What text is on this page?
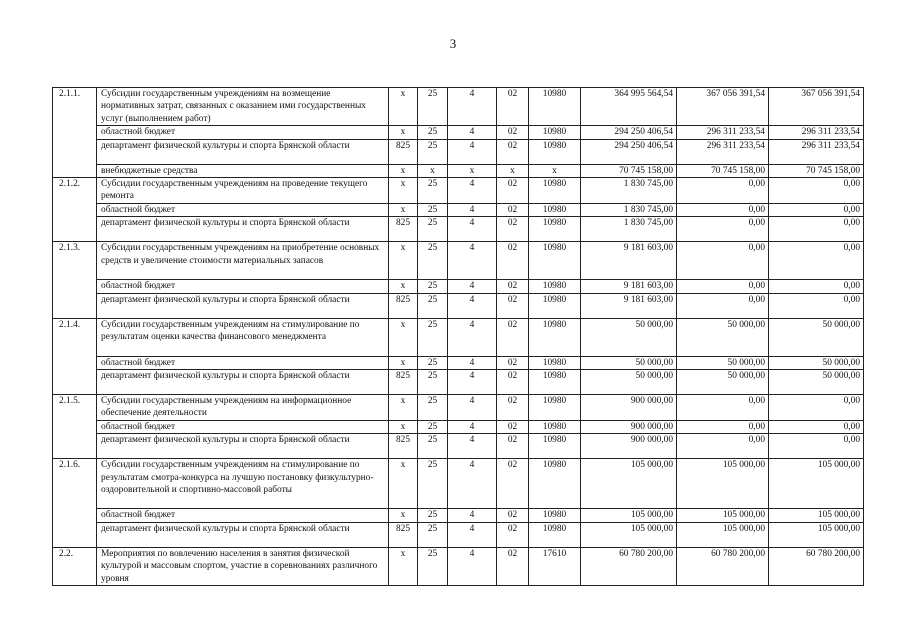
3
2.1.1.	Субсидии государственным учреждениям на возмещение нормативных затрат, связанных с оказанием ими государственных услуг (выполнением работ)	x	25	4	02	10980	364 995 564,54	367 056 391,54	367 056 391,54
	областной бюджет	x	25	4	02	10980	294 250 406,54	296 311 233,54	296 311 233,54
	департамент физической культуры и спорта Брянской области	825	25	4	02	10980	294 250 406,54	296 311 233,54	296 311 233,54
	внебюджетные средства	x	x	x	x	x	70 745 158,00	70 745 158,00	70 745 158,00
2.1.2.	Субсидии государственным учреждениям на проведение текущего ремонта	x	25	4	02	10980	1 830 745,00	0,00	0,00
	областной бюджет	x	25	4	02	10980	1 830 745,00	0,00	0,00
	департамент физической культуры и спорта Брянской области	825	25	4	02	10980	1 830 745,00	0,00	0,00
2.1.3.	Субсидии государственным учреждениям на приобретение основных средств и увеличение стоимости материальных запасов	x	25	4	02	10980	9 181 603,00	0,00	0,00
	областной бюджет	x	25	4	02	10980	9 181 603,00	0,00	0,00
	департамент физической культуры и спорта Брянской области	825	25	4	02	10980	9 181 603,00	0,00	0,00
2.1.4.	Субсидии государственным учреждениям на стимулирование по результатам оценки качества финансового менеджмента	x	25	4	02	10980	50 000,00	50 000,00	50 000,00
	областной бюджет	x	25	4	02	10980	50 000,00	50 000,00	50 000,00
	департамент физической культуры и спорта Брянской области	825	25	4	02	10980	50 000,00	50 000,00	50 000,00
2.1.5.	Субсидии государственным учреждениям на информационное обеспечение деятельности	x	25	4	02	10980	900 000,00	0,00	0,00
	областной бюджет	x	25	4	02	10980	900 000,00	0,00	0,00
	департамент физической культуры и спорта Брянской области	825	25	4	02	10980	900 000,00	0,00	0,00
2.1.6.	Субсидии государственным учреждениям на стимулирование по результатам смотра-конкурса на лучшую постановку физкультурно-оздоровительной и спортивно-массовой работы	x	25	4	02	10980	105 000,00	105 000,00	105 000,00
	областной бюджет	x	25	4	02	10980	105 000,00	105 000,00	105 000,00
	департамент физической культуры и спорта Брянской области	825	25	4	02	10980	105 000,00	105 000,00	105 000,00
2.2.	Мероприятия по вовлечению населения в занятия физической культурой и массовым спортом, участие в соревнованиях различного уровня	x	25	4	02	17610	60 780 200,00	60 780 200,00	60 780 200,00
